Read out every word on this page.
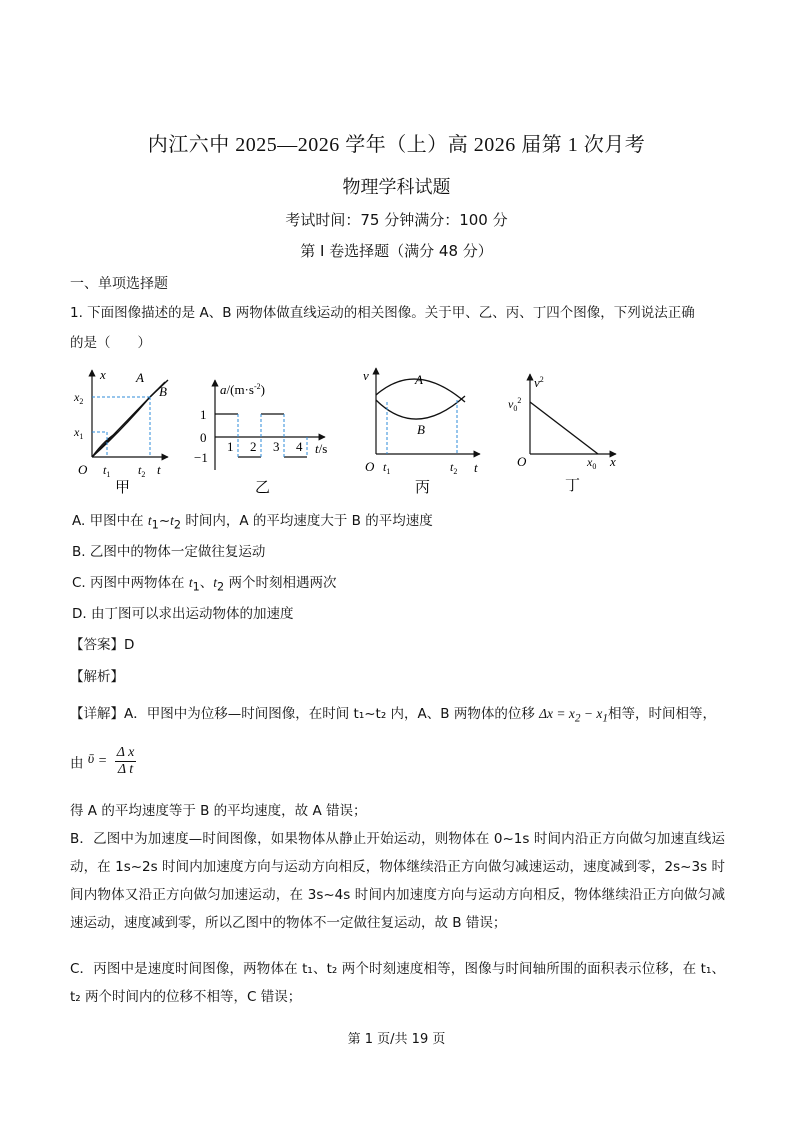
内江六中 2025—2026 学年（上）高 2026 届第 1 次月考
物理学科试题
考试时间：75 分钟满分：100 分
第 I 卷选择题（满分 48 分）
一、单项选择题
1. 下面图像描述的是 A、B 两物体做直线运动的相关图像。关于甲、乙、丙、丁四个图像，下列说法正确
的是（　　）
x
t
O
A
B
$x_2$
$x_1$
$t_1$ $t_2$
甲
$a/(m\cdot s^{-2})$
1
0
−1
1 2 3 4 t/s
乙
v
t
O
A
B
$t_1$	$t_2$
丙
$v^2$
$v_0^2$
O	$x_0$ x
丁
A. 甲图中在 $t_1\sim t_2$ 时间内，A 的平均速度大于 B 的平均速度
B. 乙图中的物体一定做往复运动
C. 丙图中两物体在 $t_1$、$t_2$ 两个时刻相遇两次
D. 由丁图可以求出运动物体的加速度
【答案】D
【解析】
【详解】A．甲图中为位移—时间图像，在时间 t₁~t₂ 内，A、B 两物体的位移 $\Delta x = x_2 - x_1$相等，时间相等，
由 ῡ = $\frac{\text{Δ x}}{\text{Δ t}}$
得 A 的平均速度等于 B 的平均速度，故 A 错误；
B．乙图中为加速度—时间图像，如果物体从静止开始运动，则物体在 0~1s 时间内沿正方向做匀加速直线运动，在 1s~2s 时间内加速度方向与运动方向相反，物体继续沿正方向做匀减速运动，速度减到零，2s~3s 时间内物体又沿正方向做匀加速运动，在 3s~4s 时间内加速度方向与运动方向相反，物体继续沿正方向做匀减速运动，速度减到零，所以乙图中的物体不一定做往复运动，故 B 错误；
C．丙图中是速度时间图像，两物体在 t₁、t₂ 两个时刻速度相等，图像与时间轴所围的面积表示位移，在 t₁、t₂ 两个时间内的位移不相等，C 错误；
第 1 页/共 19 页
